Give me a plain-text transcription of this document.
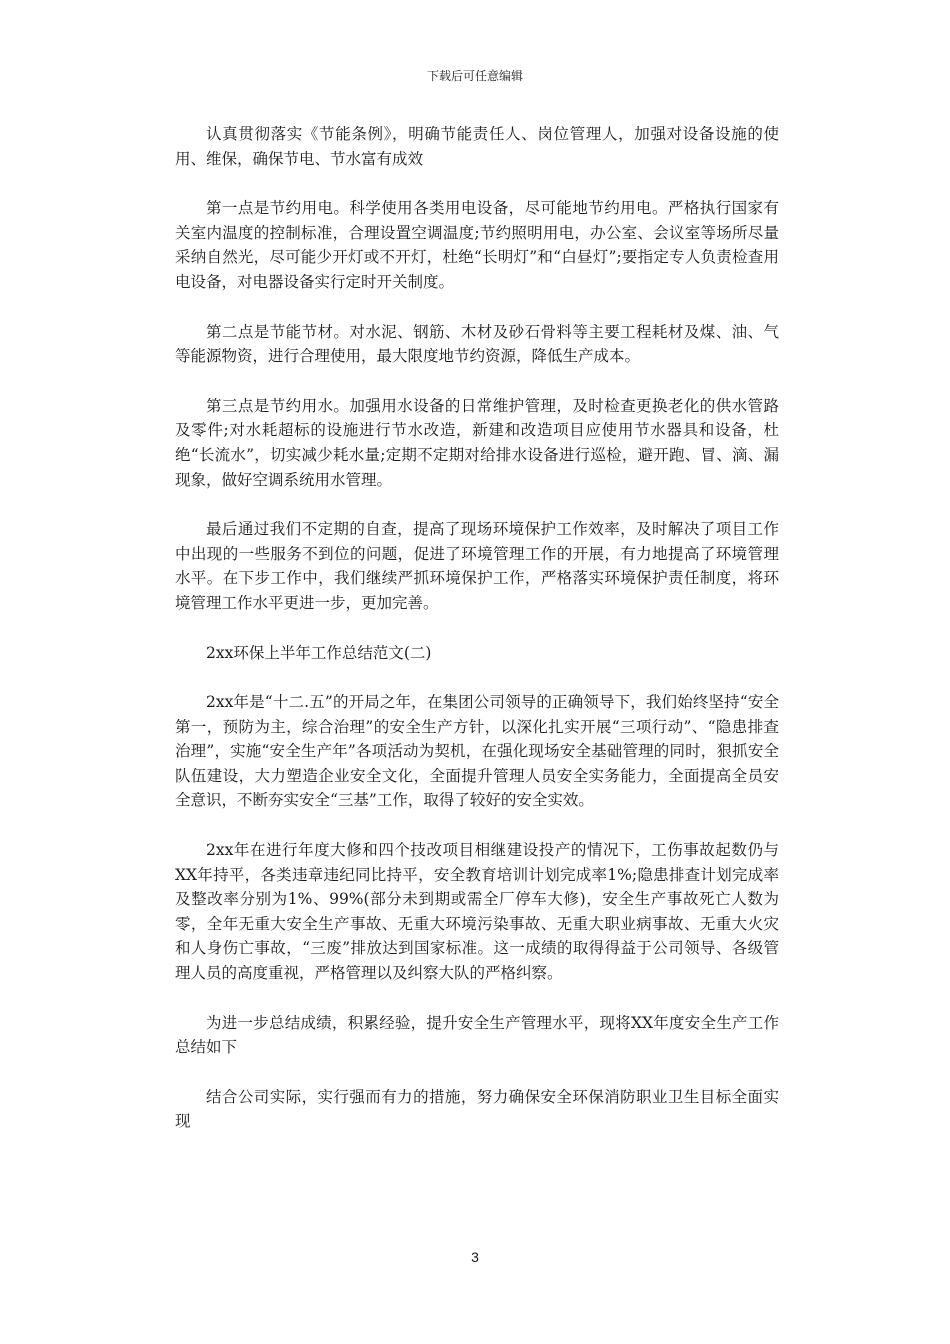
下载后可任意编辑

认真贯彻落实《节能条例》，明确节能责任人、岗位管理人，加强对设备设施的使用、维保，确保节电、节水富有成效

第一点是节约用电。科学使用各类用电设备，尽可能地节约用电。严格执行国家有关室内温度的控制标准，合理设置空调温度;节约照明用电，办公室、会议室等场所尽量采纳自然光，尽可能少开灯或不开灯，杜绝“长明灯”和“白昼灯”;要指定专人负责检查用电设备，对电器设备实行定时开关制度。

第二点是节能节材。对水泥、钢筋、木材及砂石骨料等主要工程耗材及煤、油、气等能源物资，进行合理使用，最大限度地节约资源，降低生产成本。

第三点是节约用水。加强用水设备的日常维护管理，及时检查更换老化的供水管路及零件;对水耗超标的设施进行节水改造，新建和改造项目应使用节水器具和设备，杜绝“长流水”，切实减少耗水量;定期不定期对给排水设备进行巡检，避开跑、冒、滴、漏现象，做好空调系统用水管理。

最后通过我们不定期的自查，提高了现场环境保护工作效率，及时解决了项目工作中出现的一些服务不到位的问题，促进了环境管理工作的开展，有力地提高了环境管理水平。在下步工作中，我们继续严抓环境保护工作，严格落实环境保护责任制度，将环境管理工作水平更进一步，更加完善。

2xx环保上半年工作总结范文(二)

2xx年是“十二.五”的开局之年，在集团公司领导的正确领导下，我们始终坚持“安全第一，预防为主，综合治理”的安全生产方针，以深化扎实开展“三项行动”、“隐患排查治理”，实施“安全生产年”各项活动为契机，在强化现场安全基础管理的同时，狠抓安全队伍建设，大力塑造企业安全文化，全面提升管理人员安全实务能力，全面提高全员安全意识，不断夯实安全“三基”工作，取得了较好的安全实效。

2xx年在进行年度大修和四个技改项目相继建设投产的情况下，工伤事故起数仍与XX年持平，各类违章违纪同比持平，安全教育培训计划完成率1%;隐患排查计划完成率及整改率分别为1%、99%(部分未到期或需全厂停车大修)，安全生产事故死亡人数为零，全年无重大安全生产事故、无重大环境污染事故、无重大职业病事故、无重大火灾和人身伤亡事故，“三废”排放达到国家标准。这一成绩的取得得益于公司领导、各级管理人员的高度重视，严格管理以及纠察大队的严格纠察。

为进一步总结成绩，积累经验，提升安全生产管理水平，现将XX年度安全生产工作总结如下

结合公司实际，实行强而有力的措施，努力确保安全环保消防职业卫生目标全面实现

3
